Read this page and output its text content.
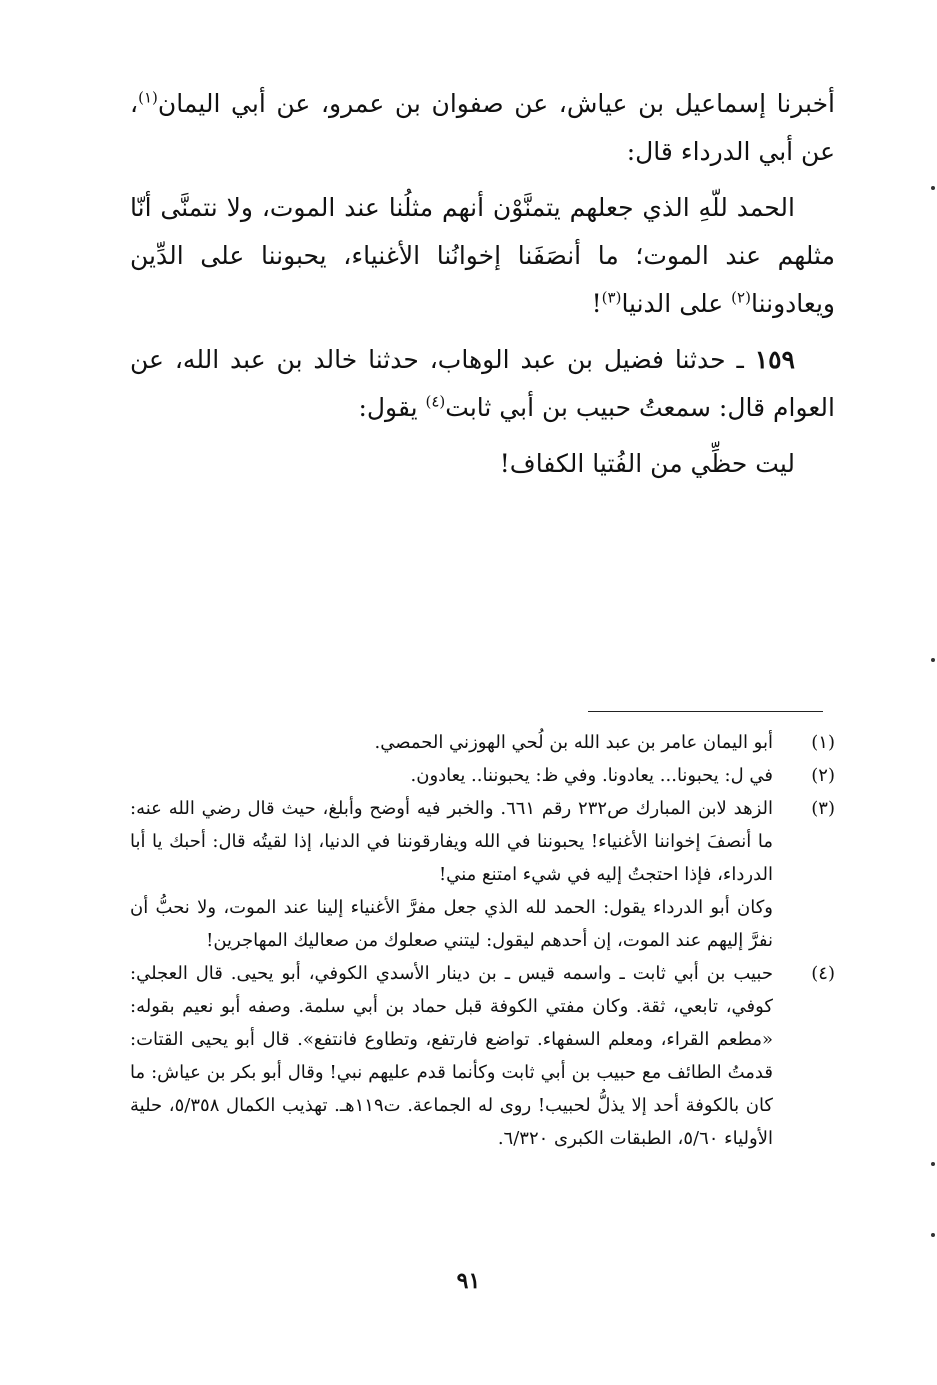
أخبرنا إسماعيل بن عياش، عن صفوان بن عمرو، عن أبي اليمان$^{(١)}$، عن أبي الدرداء قال:

الحمد للّهِ الذي جعلهم يتمنَّوْن أنهم مثلُنا عند الموت، ولا نتمنَّى أنّا مثلهم عند الموت؛ ما أنصَفَنا إخوانُنا الأغنياء، يحبوننا على الدِّين ويعادوننا$^{(٢)}$ على الدنيا$^{(٣)}$!

١٥٩ ـ حدثنا فضيل بن عبد الوهاب، حدثنا خالد بن عبد الله، عن العوام قال: سمعتُ حبيب بن أبي ثابت$^{(٤)}$ يقول:

ليت حظِّي من الفُتيا الكفاف!

(١)

أبو اليمان عامر بن عبد الله بن لُحي الهوزني الحمصي.

(٢)

في ل: يحبونا... يعادونا. وفي ظ: يحبوننا.. يعادون.

(٣)

الزهد لابن المبارك ص٢٣٢ رقم ٦٦١. والخبر فيه أوضح وأبلغ، حيث قال رضي الله عنه: ما أنصفَ إخواننا الأغنياء! يحبوننا في الله ويفارقوننا في الدنيا، إذا لقيتُه قال: أحبك يا أبا الدرداء، فإذا احتجتُ إليه في شيء امتنع مني!

وكان أبو الدرداء يقول: الحمد لله الذي جعل مفرَّ الأغنياء إلينا عند الموت، ولا نحبُّ أن نفرَّ إليهم عند الموت، إن أحدهم ليقول: ليتني صعلوك من صعاليك المهاجرين!

(٤)

حبيب بن أبي ثابت ـ واسمه قيس ـ بن دينار الأسدي الكوفي، أبو يحيى. قال العجلي: كوفي، تابعي، ثقة. وكان مفتي الكوفة قبل حماد بن أبي سلمة. وصفه أبو نعيم بقوله: «مطعم القراء، ومعلم السفهاء. تواضع فارتفع، وتطاوع فانتفع». قال أبو يحيى القتات: قدمتُ الطائف مع حبيب بن أبي ثابت وكأنما قدم عليهم نبي! وقال أبو بكر بن عياش: ما كان بالكوفة أحد إلا يذلُّ لحبيب! روى له الجماعة. ت١١٩هـ. تهذيب الكمال ٥/٣٥٨، حلية الأولياء ٥/٦٠، الطبقات الكبرى ٦/٣٢٠.

٩١
